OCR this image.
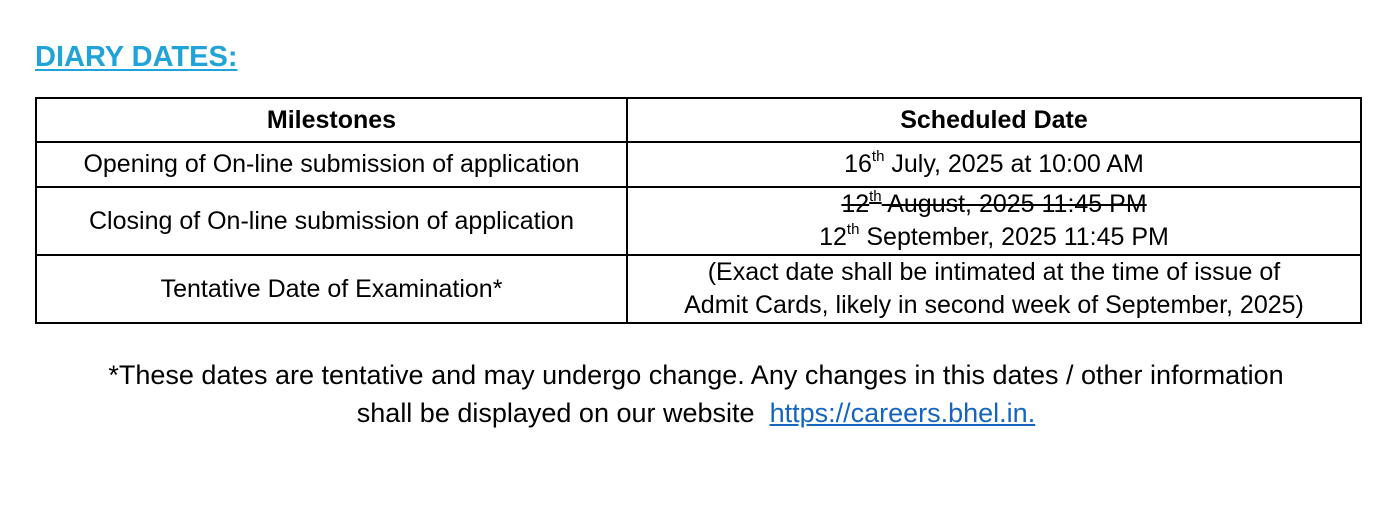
DIARY DATES:
Milestones	Scheduled Date
Opening of On-line submission of application	16th July, 2025 at 10:00 AM
Closing of On-line submission of application	12th August, 2025 11:45 PM
12th September, 2025 11:45 PM

Tentative Date of Examination*	(Exact date shall be intimated at the time of issue of
Admit Cards, likely in second week of September, 2025)
*These dates are tentative and may undergo change. Any changes in this dates / other information
shall be displayed on our website  https://careers.bhel.in.
